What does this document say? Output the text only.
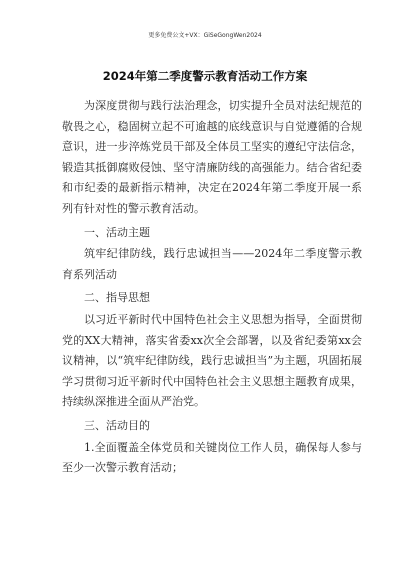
更多免费公文+VX：GiSeGongWen2024
2024年第二季度警示教育活动工作方案

为深度贯彻与践行法治理念，切实提升全员对法纪规范的敬畏之心，稳固树立起不可逾越的底线意识与自觉遵循的合规意识，进一步淬炼党员干部及全体员工坚实的遵纪守法信念，锻造其抵御腐败侵蚀、坚守清廉防线的高强能力。结合省纪委和市纪委的最新指示精神，决定在2024年第二季度开展一系列有针对性的警示教育活动。

一、活动主题

筑牢纪律防线，践行忠诚担当——2024年二季度警示教育系列活动

二、指导思想

以习近平新时代中国特色社会主义思想为指导，全面贯彻党的XX大精神，落实省委xx次全会部署，以及省纪委第xx会议精神，以“筑牢纪律防线，践行忠诚担当”为主题，巩固拓展学习贯彻习近平新时代中国特色社会主义思想主题教育成果，持续纵深推进全面从严治党。

三、活动目的

1.全面覆盖全体党员和关键岗位工作人员，确保每人参与至少一次警示教育活动；
